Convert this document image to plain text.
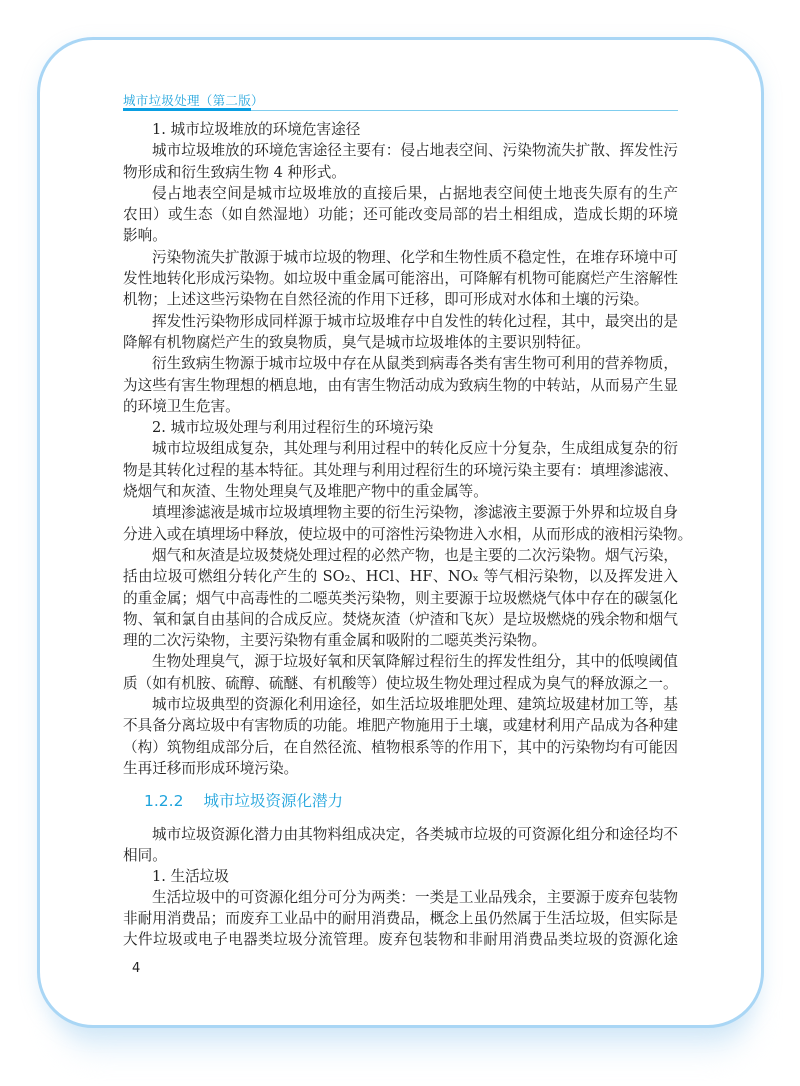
城市垃圾处理（第二版）
1. 城市垃圾堆放的环境危害途径
城市垃圾堆放的环境危害途径主要有：侵占地表空间、污染物流失扩散、挥发性污
物形成和衍生致病生物 4 种形式。
侵占地表空间是城市垃圾堆放的直接后果，占据地表空间使土地丧失原有的生产
农田）或生态（如自然湿地）功能；还可能改变局部的岩土相组成，造成长期的环境
影响。
污染物流失扩散源于城市垃圾的物理、化学和生物性质不稳定性，在堆存环境中可
发性地转化形成污染物。如垃圾中重金属可能溶出，可降解有机物可能腐烂产生溶解性
机物；上述这些污染物在自然径流的作用下迁移，即可形成对水体和土壤的污染。
挥发性污染物形成同样源于城市垃圾堆存中自发性的转化过程，其中，最突出的是
降解有机物腐烂产生的致臭物质，臭气是城市垃圾堆体的主要识别特征。
衍生致病生物源于城市垃圾中存在从鼠类到病毒各类有害生物可利用的营养物质，
为这些有害生物理想的栖息地，由有害生物活动成为致病生物的中转站，从而易产生显
的环境卫生危害。
2. 城市垃圾处理与利用过程衍生的环境污染
城市垃圾组成复杂，其处理与利用过程中的转化反应十分复杂，生成组成复杂的衍
物是其转化过程的基本特征。其处理与利用过程衍生的环境污染主要有：填埋渗滤液、
烧烟气和灰渣、生物处理臭气及堆肥产物中的重金属等。
填埋渗滤液是城市垃圾填埋物主要的衍生污染物，渗滤液主要源于外界和垃圾自身
分进入或在填埋场中释放，使垃圾中的可溶性污染物进入水相，从而形成的液相污染物。
烟气和灰渣是垃圾焚烧处理过程的必然产物，也是主要的二次污染物。烟气污染，
括由垃圾可燃组分转化产生的 SO₂、HCl、HF、NOₓ 等气相污染物，以及挥发进入
的重金属；烟气中高毒性的二噁英类污染物，则主要源于垃圾燃烧气体中存在的碳氢化
物、氧和氯自由基间的合成反应。焚烧灰渣（炉渣和飞灰）是垃圾燃烧的残余物和烟气
理的二次污染物，主要污染物有重金属和吸附的二噁英类污染物。
生物处理臭气，源于垃圾好氧和厌氧降解过程衍生的挥发性组分，其中的低嗅阈值
质（如有机胺、硫醇、硫醚、有机酸等）使垃圾生物处理过程成为臭气的释放源之一。
城市垃圾典型的资源化利用途径，如生活垃圾堆肥处理、建筑垃圾建材加工等，基
不具备分离垃圾中有害物质的功能。堆肥产物施用于土壤，或建材利用产品成为各种建
（构）筑物组成部分后，在自然径流、植物根系等的作用下，其中的污染物均有可能因
生再迁移而形成环境污染。
1.2.2 城市垃圾资源化潜力
城市垃圾资源化潜力由其物料组成决定，各类城市垃圾的可资源化组分和途径均不
相同。
1. 生活垃圾
生活垃圾中的可资源化组分可分为两类：一类是工业品残余，主要源于废弃包装物
非耐用消费品；而废弃工业品中的耐用消费品，概念上虽仍然属于生活垃圾，但实际是
大件垃圾或电子电器类垃圾分流管理。废弃包装物和非耐用消费品类垃圾的资源化途
4
